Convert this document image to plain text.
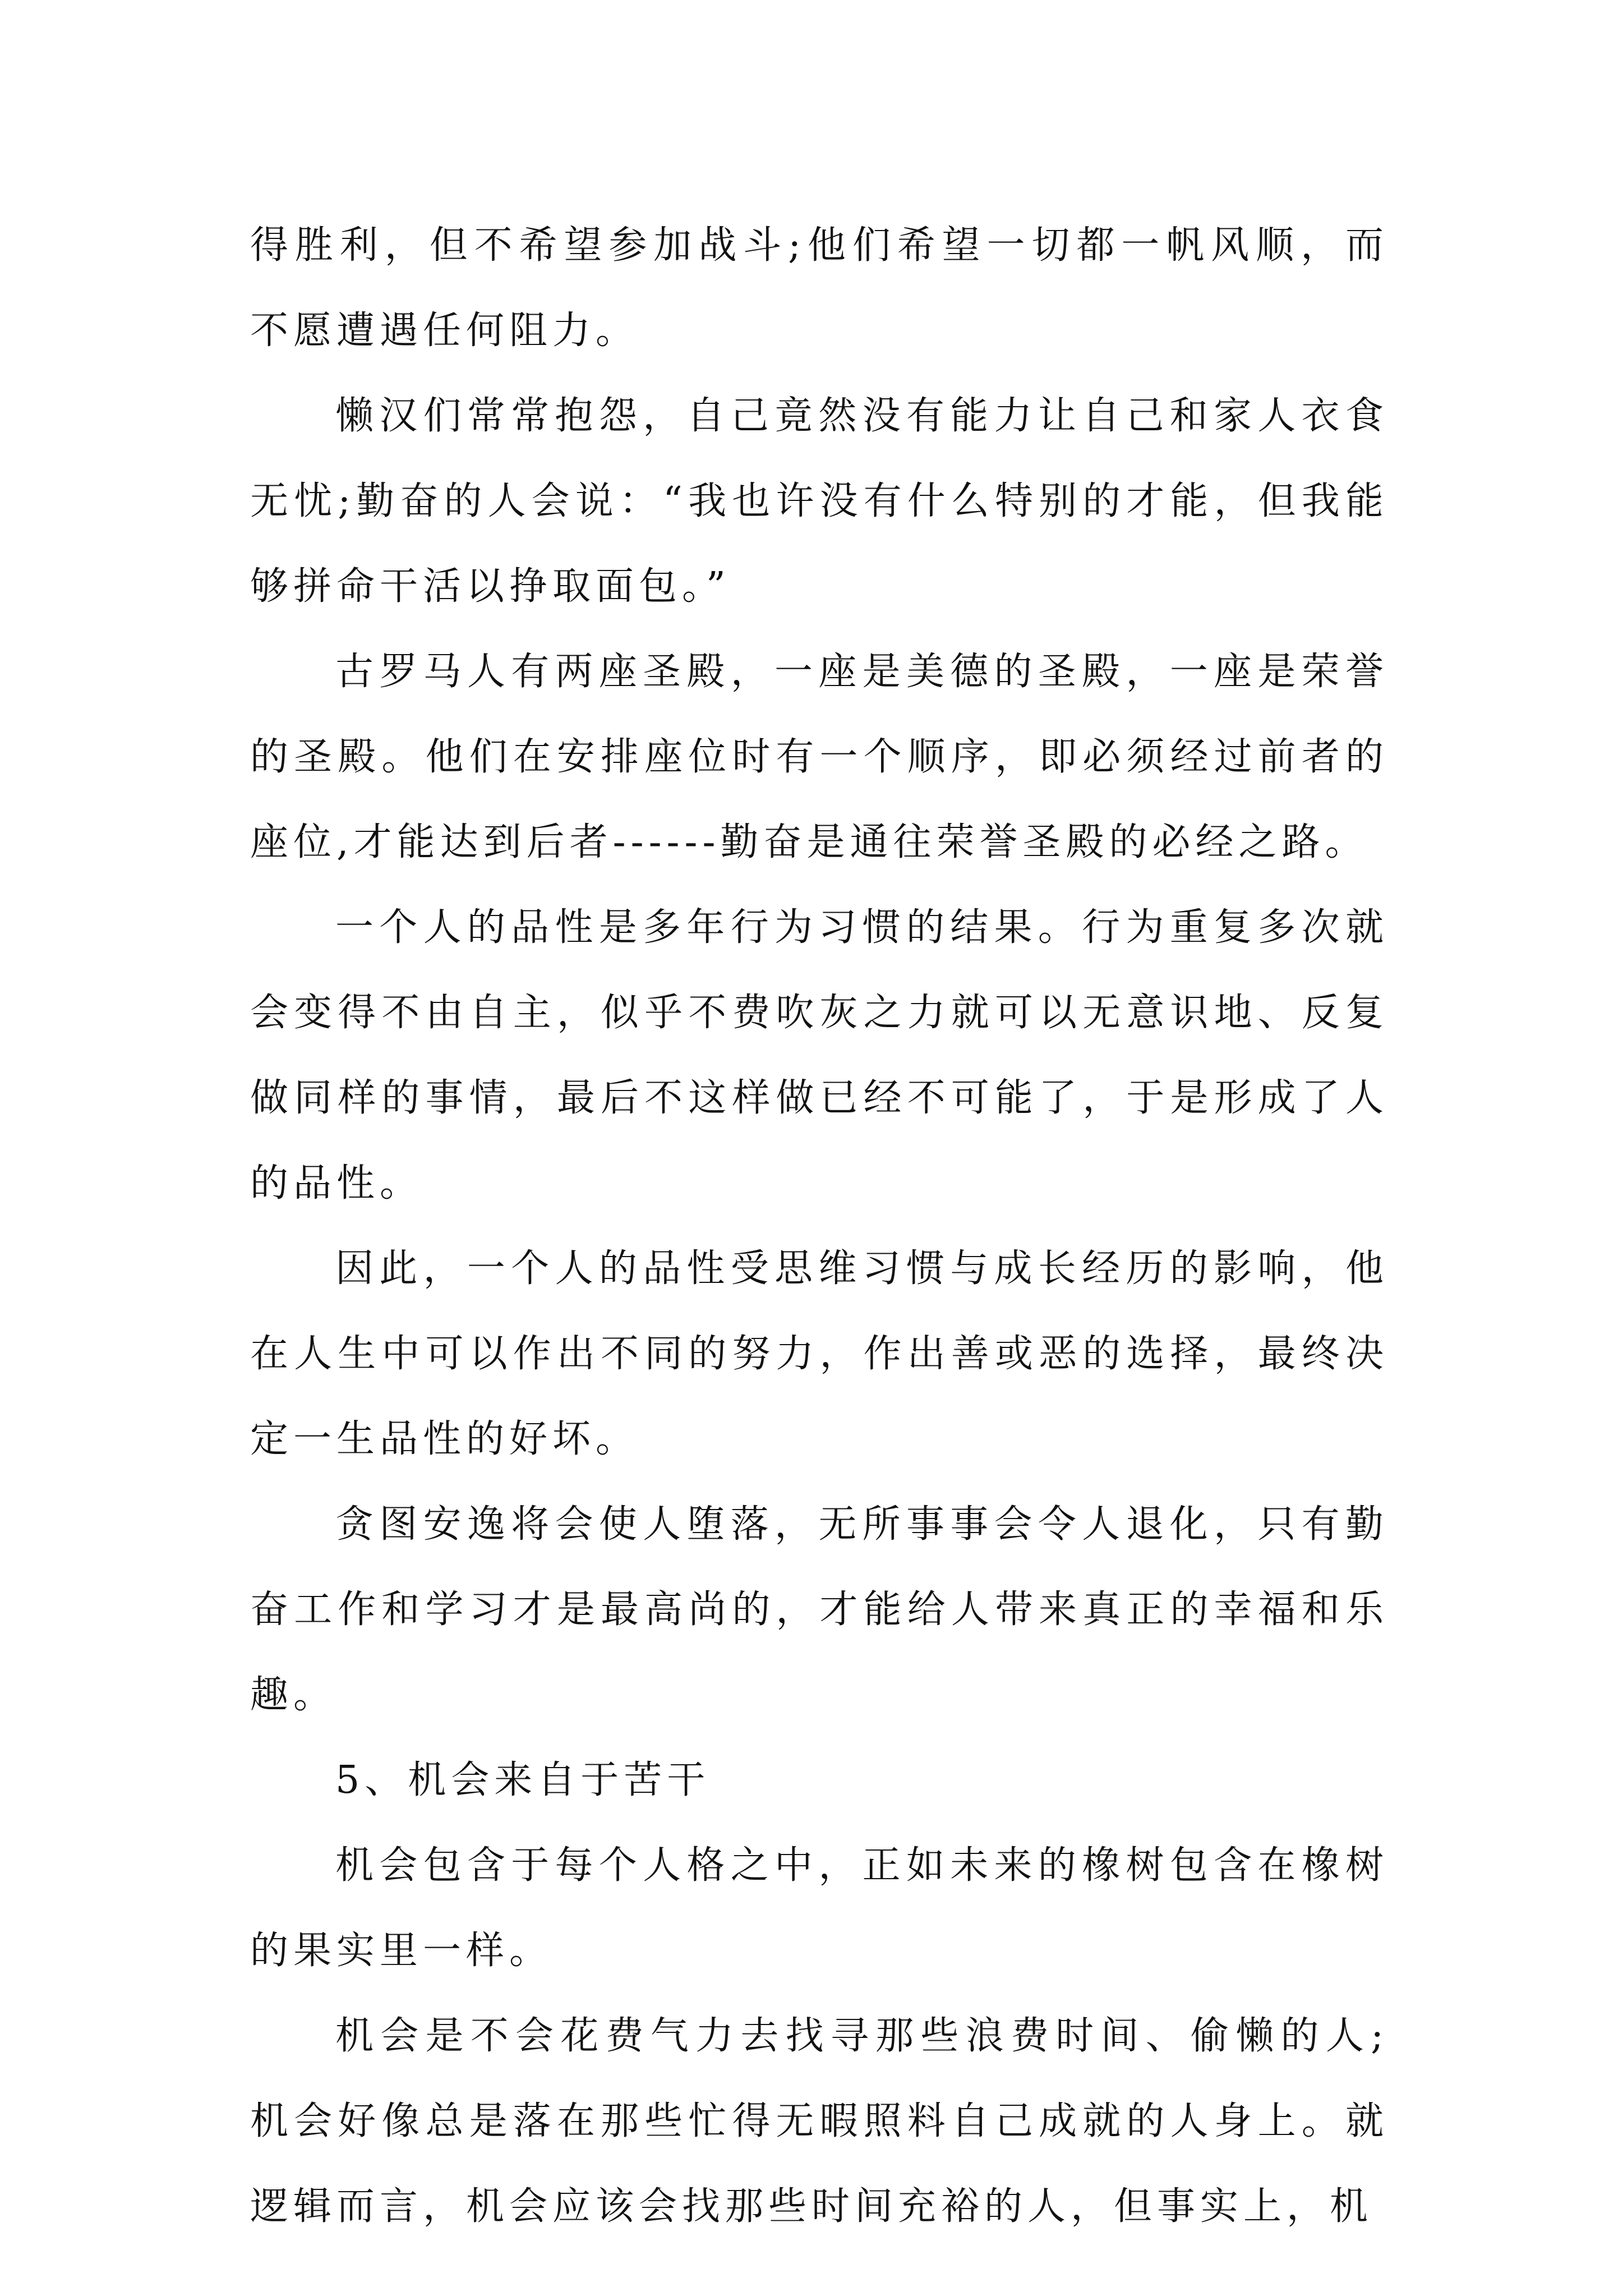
得胜利，但不希望参加战斗;他们希望一切都一帆风顺，而不愿遭遇任何阻力。

懒汉们常常抱怨，自己竟然没有能力让自己和家人衣食无忧;勤奋的人会说：“我也许没有什么特别的才能，但我能够拼命干活以挣取面包。”

古罗马人有两座圣殿，一座是美德的圣殿，一座是荣誉的圣殿。他们在安排座位时有一个顺序，即必须经过前者的座位,才能达到后者------勤奋是通往荣誉圣殿的必经之路。

一个人的品性是多年行为习惯的结果。行为重复多次就会变得不由自主，似乎不费吹灰之力就可以无意识地、反复做同样的事情，最后不这样做已经不可能了，于是形成了人的品性。

因此，一个人的品性受思维习惯与成长经历的影响，他在人生中可以作出不同的努力，作出善或恶的选择，最终决定一生品性的好坏。

贪图安逸将会使人堕落，无所事事会令人退化，只有勤奋工作和学习才是最高尚的，才能给人带来真正的幸福和乐趣。

5、机会来自于苦干

机会包含于每个人格之中，正如未来的橡树包含在橡树的果实里一样。

机会是不会花费气力去找寻那些浪费时间、偷懒的人;机会好像总是落在那些忙得无暇照料自己成就的人身上。就逻辑而言，机会应该会找那些时间充裕的人，但事实上，机
